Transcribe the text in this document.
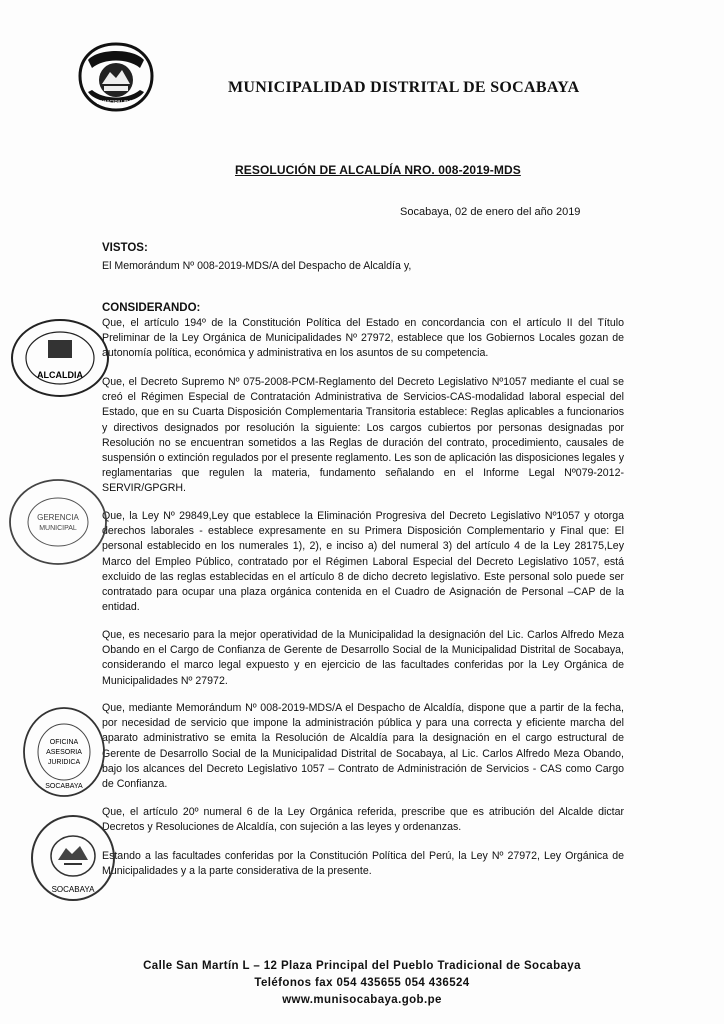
MUNICIPALIDAD
MUNICIPALIDAD DISTRITAL DE SOCABAYA
RESOLUCIÓN DE ALCALDÍA NRO. 008-2019-MDS
Socabaya, 02 de enero del año 2019
VISTOS:
El Memorándum Nº 008-2019-MDS/A del Despacho de Alcaldía y,
CONSIDERANDO:

Que, el artículo 194º de la Constitución Política del Estado en concordancia con el artículo II del Título Preliminar de la Ley Orgánica de Municipalidades Nº 27972, establece que los Gobiernos Locales gozan de autonomía política, económica y administrativa en los asuntos de su competencia.

Que, el Decreto Supremo Nº 075-2008-PCM-Reglamento del Decreto Legislativo Nº1057 mediante el cual se creó el Régimen Especial de Contratación Administrativa de Servicios-CAS-modalidad laboral especial del Estado, que en su Cuarta Disposición Complementaria Transitoria establece: Reglas aplicables a funcionarios y directivos designados por resolución la siguiente: Los cargos cubiertos por personas designadas por Resolución no se encuentran sometidos a las Reglas de duración del contrato, procedimiento, causales de suspensión o extinción regulados por el presente reglamento. Les son de aplicación las disposiciones legales y reglamentarias que regulen la materia, fundamento señalando en el Informe Legal Nº079-2012-SERVIR/GPGRH.

Que, la Ley Nº 29849,Ley que establece la Eliminación Progresiva del Decreto Legislativo Nº1057 y otorga derechos laborales - establece expresamente en su Primera Disposición Complementario y Final que: El personal establecido en los numerales 1), 2), e inciso a) del numeral 3) del artículo 4 de la Ley 28175,Ley Marco del Empleo Público, contratado por el Régimen Laboral Especial del Decreto Legislativo 1057, está excluido de las reglas establecidas en el artículo 8 de dicho decreto legislativo. Este personal solo puede ser contratado para ocupar una plaza orgánica contenida en el Cuadro de Asignación de Personal –CAP de la entidad.

Que, es necesario para la mejor operatividad de la Municipalidad la designación del Lic. Carlos Alfredo Meza Obando en el Cargo de Confianza de Gerente de Desarrollo Social de la Municipalidad Distrital de Socabaya, considerando el marco legal expuesto y en ejercicio de las facultades conferidas por la Ley Orgánica de Municipalidades Nº 27972.

Que, mediante Memorándum Nº 008-2019-MDS/A el Despacho de Alcaldía, dispone que a partir de la fecha, por necesidad de servicio que impone la administración pública y para una correcta y eficiente marcha del aparato administrativo se emita la Resolución de Alcaldía para la designación en el cargo estructural de Gerente de Desarrollo Social de la Municipalidad Distrital de Socabaya, al Lic. Carlos Alfredo Meza Obando, bajo los alcances del Decreto Legislativo 1057 – Contrato de Administración de Servicios - CAS como Cargo de Confianza.

Que, el artículo 20º numeral 6 de la Ley Orgánica referida, prescribe que es atribución del Alcalde dictar Decretos y Resoluciones de Alcaldía, con sujeción a las leyes y ordenanzas.

Estando a las facultades conferidas por la Constitución Política del Perú, la Ley Nº 27972, Ley Orgánica de Municipalidades y a la parte considerativa de la presente.

ALCALDIA
GERENCIA
MUNICIPAL
OFICINA
ASESORIA
JURIDICA
SOCABAYA
SOCABAYA
Calle San Martín L – 12 Plaza Principal del Pueblo Tradicional de Socabaya
Teléfonos fax 054 435655 054 436524
www.munisocabaya.gob.pe
